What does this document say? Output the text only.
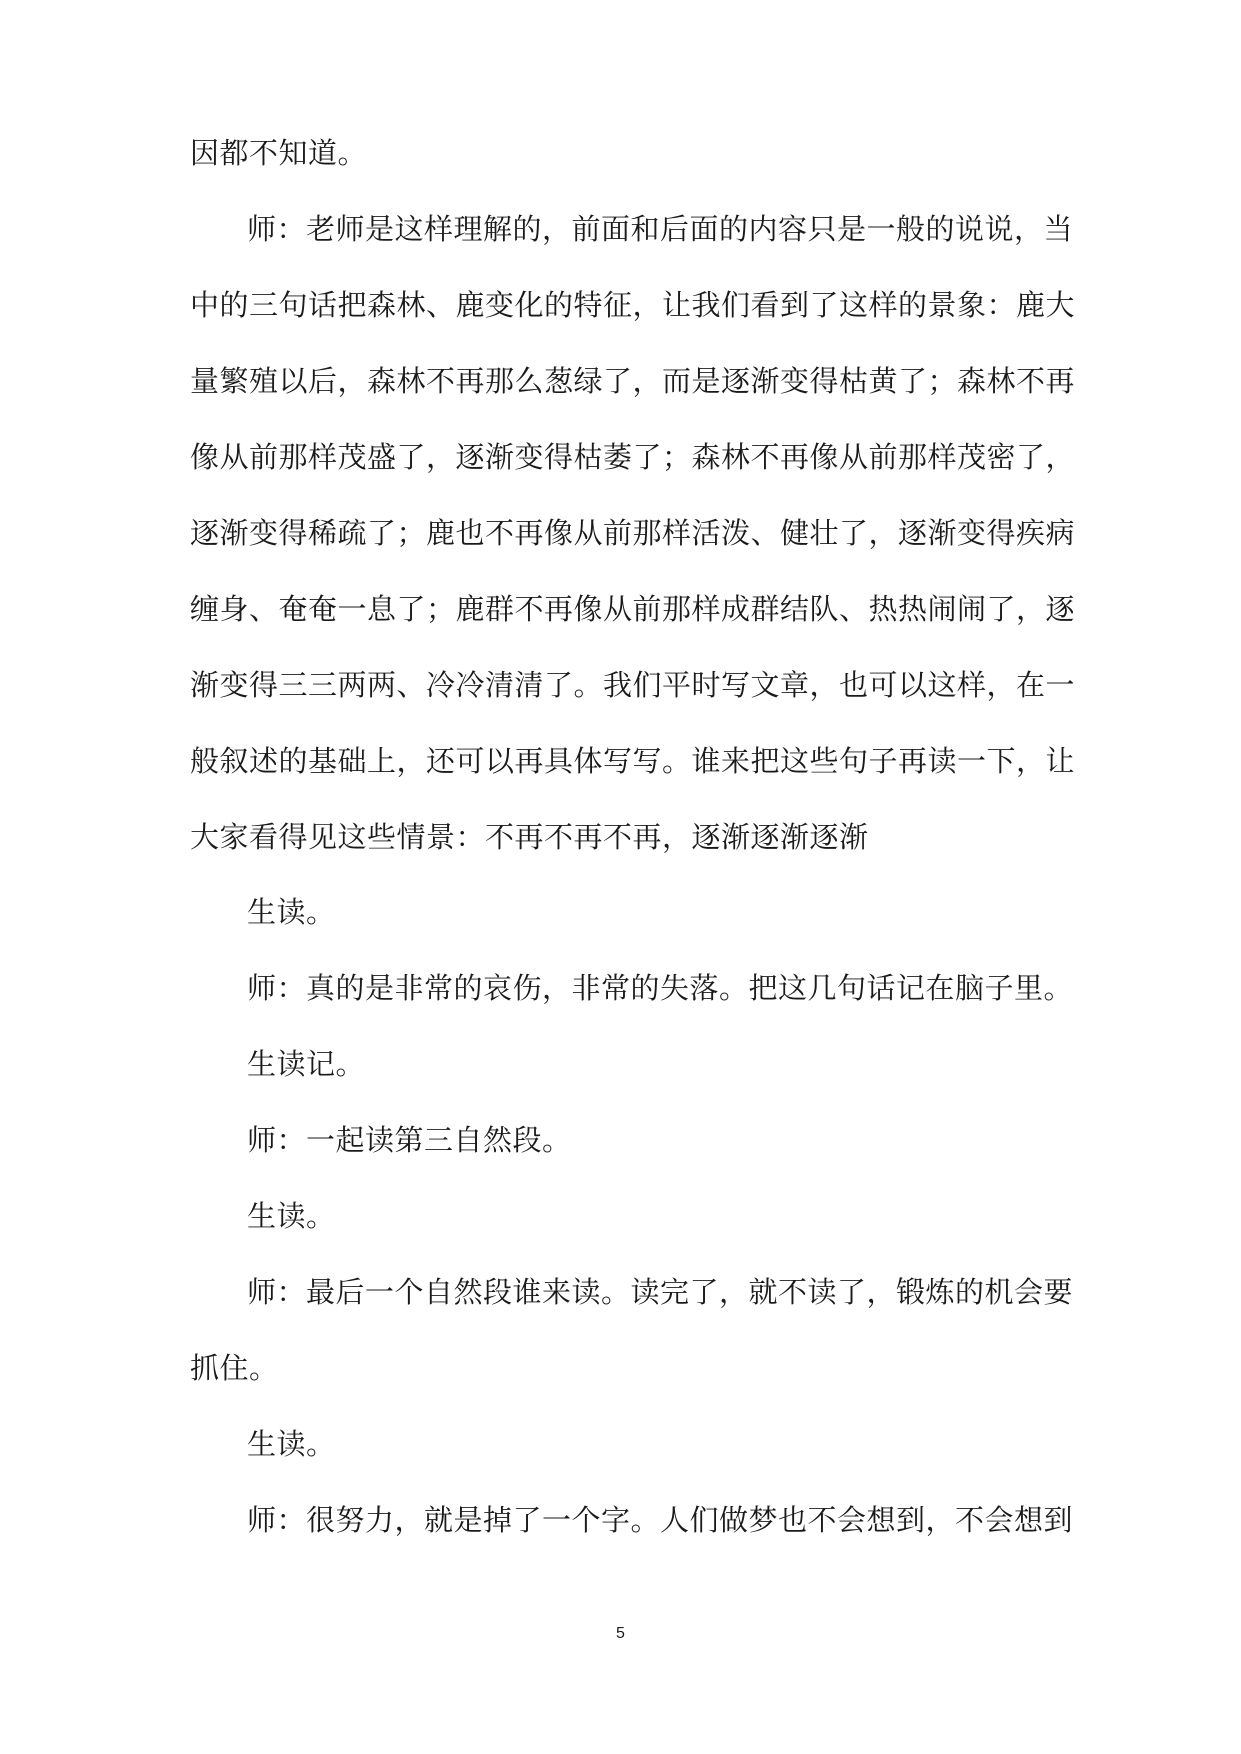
因都不知道。
师：老师是这样理解的，前面和后面的内容只是一般的说说，当
中的三句话把森林、鹿变化的特征，让我们看到了这样的景象：鹿大
量繁殖以后，森林不再那么葱绿了，而是逐渐变得枯黄了；森林不再
像从前那样茂盛了，逐渐变得枯萎了；森林不再像从前那样茂密了，
逐渐变得稀疏了；鹿也不再像从前那样活泼、健壮了，逐渐变得疾病
缠身、奄奄一息了；鹿群不再像从前那样成群结队、热热闹闹了，逐
渐变得三三两两、冷冷清清了。我们平时写文章，也可以这样，在一
般叙述的基础上，还可以再具体写写。谁来把这些句子再读一下，让
大家看得见这些情景：不再不再不再，逐渐逐渐逐渐
生读。
师：真的是非常的哀伤，非常的失落。把这几句话记在脑子里。
生读记。
师：一起读第三自然段。
生读。
师：最后一个自然段谁来读。读完了，就不读了，锻炼的机会要
抓住。
生读。
师：很努力，就是掉了一个字。人们做梦也不会想到，不会想到
5
